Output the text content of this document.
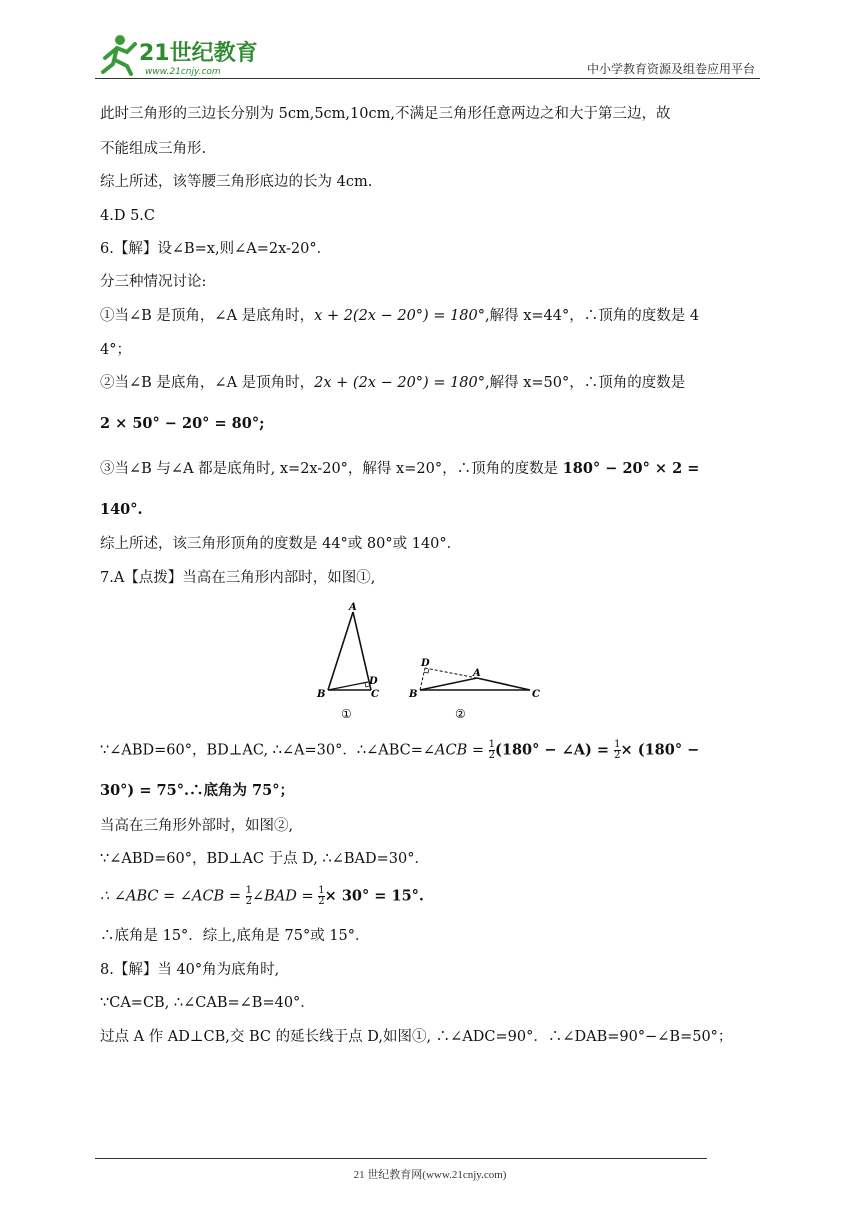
21世纪教育
www.21cnjy.com	中小学教育资源及组卷应用平台

此时三角形的三边长分别为 5cm,5cm,10cm,不满足三角形任意两边之和大于第三边，故

不能组成三角形.

综上所述，该等腰三角形底边的长为 4cm.

4.D 5.C

6.【解】设∠B=x,则∠A=2x-20°．

分三种情况讨论:

①当∠B 是顶角，∠A 是底角时，x + 2(2x − 20°) = 180°,解得 x=44°，∴顶角的度数是 4

4°；

②当∠B 是底角，∠A 是顶角时，2x + (2x − 20°) = 180°,解得 x=50°，∴顶角的度数是

2 × 50° − 20° = 80°;

③当∠B 与∠A 都是底角时, x=2x-20°，解得 x=20°，∴顶角的度数是 180° − 20° × 2 =

140°.

综上所述，该三角形顶角的度数是 44°或 80°或 140°．

7.A【点拨】当高在三角形内部时，如图①,

∵∠ABD=60°，BD⊥AC, ∴∠A=30°．∴∠ABC=∠ACB = $\frac{1}{2} (180^\circ$ − ∠A) = $\frac{1}{2} \times (180^\circ$ −

30°) = 75°.∴底角为 75°；

当高在三角形外部时，如图②,

∵∠ABD=60°，BD⊥AC 于点 D, ∴∠BAD=30°．

∴ ∠ABC = ∠ACB = $\frac{1}{2}$ ∠BAD = $\frac{1}{2} \times 30^\circ = 15^\circ$.

∴底角是 15°．综上,底角是 75°或 15°．

8.【解】当 40°角为底角时,

∵CA=CB, ∴∠CAB=∠B=40°．

过点 A 作 AD⊥CB,交 BC 的延长线于点 D,如图①, ∴∠ADC=90°．∴∠DAB=90°−∠B=50°；

A
B	C
D
①
D
A
B	C
②
21 世纪教育网(www.21cnjy.com)
